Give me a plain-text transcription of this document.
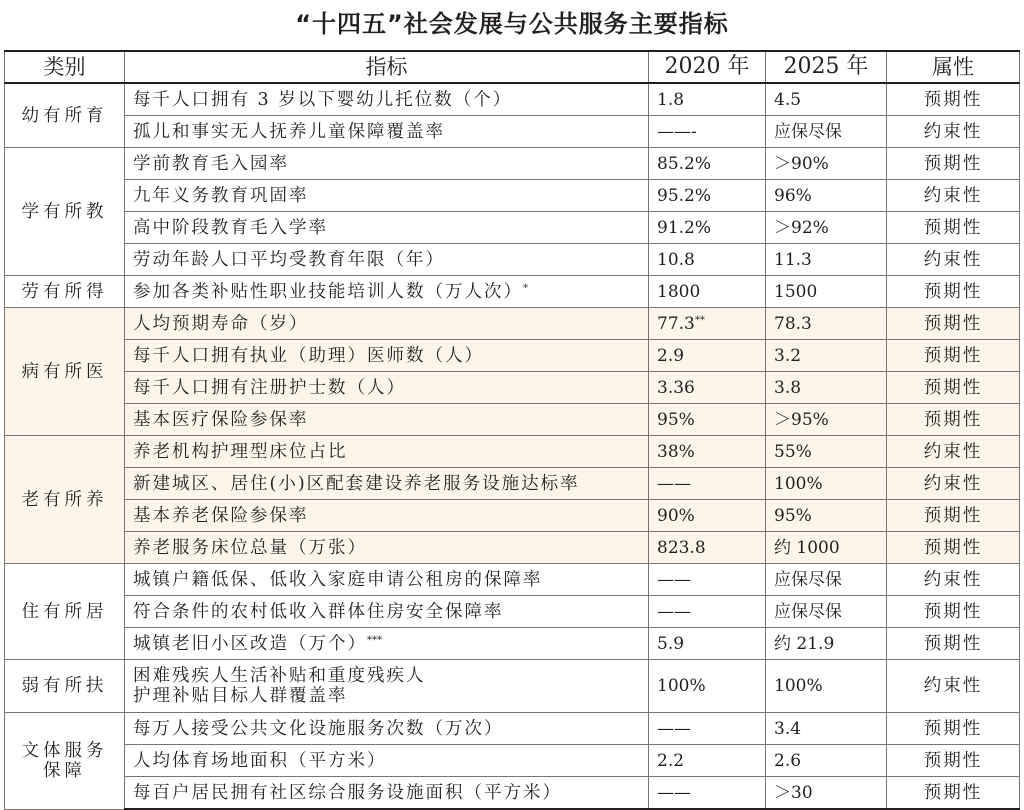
“十四五”社会发展与公共服务主要指标
类别	指标	2020 年	2025 年	属性
幼有所育	每千人口拥有 3 岁以下婴幼儿托位数（个）	1.8	4.5	预期性
	孤儿和事实无人抚养儿童保障覆盖率	——-	应保尽保	约束性
学有所教	学前教育毛入园率	85.2%	＞90%	预期性
	九年义务教育巩固率	95.2%	96%	约束性
	高中阶段教育毛入学率	91.2%	＞92%	预期性
	劳动年龄人口平均受教育年限（年）	10.8	11.3	约束性
劳有所得	参加各类补贴性职业技能培训人数（万人次）*	1800	1500	预期性
病有所医	人均预期寿命（岁）	77.3**	78.3	预期性
	每千人口拥有执业（助理）医师数（人）	2.9	3.2	预期性
	每千人口拥有注册护士数（人）	3.36	3.8	预期性
	基本医疗保险参保率	95%	＞95%	预期性
老有所养	养老机构护理型床位占比	38%	55%	约束性
	新建城区、居住(小)区配套建设养老服务设施达标率	——	100%	约束性
	基本养老保险参保率	90%	95%	预期性
	养老服务床位总量（万张）	823.8	约 1000	预期性
住有所居	城镇户籍低保、低收入家庭申请公租房的保障率	——	应保尽保	约束性
	符合条件的农村低收入群体住房安全保障率	——	应保尽保	预期性
	城镇老旧小区改造（万个）***	5.9	约 21.9	预期性
弱有所扶	困难残疾人生活补贴和重度残疾人
护理补贴目标人群覆盖率	100%	100%	约束性
文体服务保障	每万人接受公共文化设施服务次数（万次）	——	3.4	预期性
	人均体育场地面积（平方米）	2.2	2.6	预期性
	每百户居民拥有社区综合服务设施面积（平方米）	——	＞30	预期性
